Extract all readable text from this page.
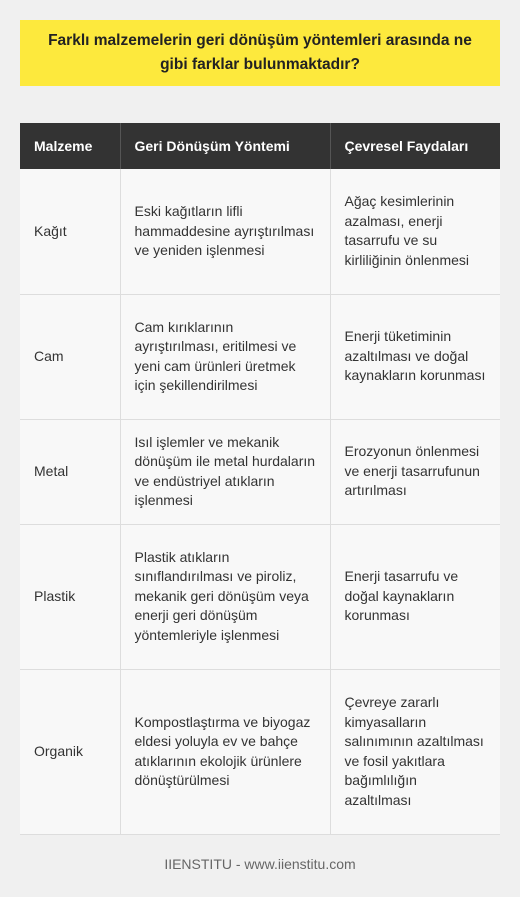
Farklı malzemelerin geri dönüşüm yöntemleri arasında ne gibi farklar bulunmaktadır?
Malzeme	Geri Dönüşüm Yöntemi	Çevresel Faydaları
Kağıt	Eski kağıtların lifli hammaddesine ayrıştırılması ve yeniden işlenmesi	Ağaç kesimlerinin azalması, enerji tasarrufu ve su kirliliğinin önlenmesi
Cam	Cam kırıklarının ayrıştırılması, eritilmesi ve yeni cam ürünleri üretmek için şekillendirilmesi	Enerji tüketiminin azaltılması ve doğal kaynakların korunması
Metal	Isıl işlemler ve mekanik dönüşüm ile metal hurdaların ve endüstriyel atıkların işlenmesi	Erozyonun önlenmesi ve enerji tasarrufunun artırılması
Plastik	Plastik atıkların sınıflandırılması ve piroliz, mekanik geri dönüşüm veya enerji geri dönüşüm yöntemleriyle işlenmesi	Enerji tasarrufu ve doğal kaynakların korunması
Organik	Kompostlaştırma ve biyogaz eldesi yoluyla ev ve bahçe atıklarının ekolojik ürünlere dönüştürülmesi	Çevreye zararlı kimyasalların salınımının azaltılması ve fosil yakıtlara bağımlılığın azaltılması
IIENSTITU - www.iienstitu.com
